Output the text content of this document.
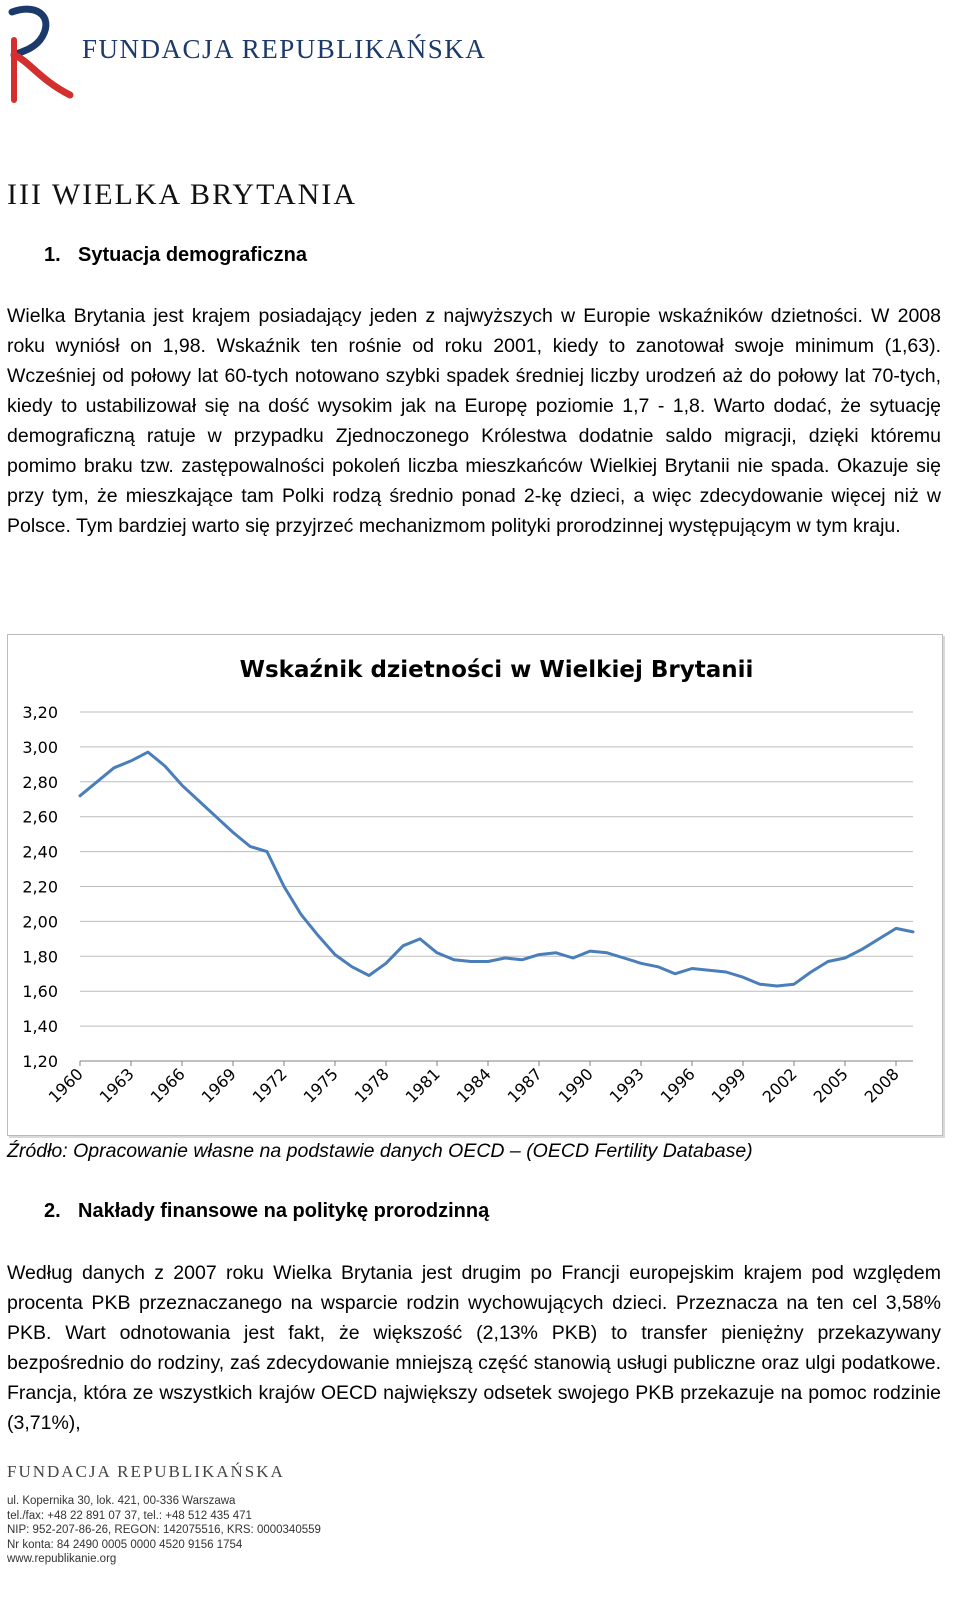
FUNDACJA REPUBLIKAŃSKA
III WIELKA BRYTANIA
1. Sytuacja demograficzna

Wielka Brytania jest krajem posiadający jeden z najwyższych w Europie wskaźników dzietności. W 2008 roku wyniósł on 1,98. Wskaźnik ten rośnie od roku 2001, kiedy to zanotował swoje minimum (1,63). Wcześniej od połowy lat 60-tych notowano szybki spadek średniej liczby urodzeń aż do połowy lat 70-tych, kiedy to ustabilizował się na dość wysokim jak na Europę poziomie 1,7 - 1,8. Warto dodać, że sytuację demograficzną ratuje w przypadku Zjednoczonego Królestwa dodatnie saldo migracji, dzięki któremu pomimo braku tzw. zastępowalności pokoleń liczba mieszkańców Wielkiej Brytanii nie spada. Okazuje się przy tym, że mieszkające tam Polki rodzą średnio ponad 2-kę dzieci, a więc zdecydowanie więcej niż w Polsce. Tym bardziej warto się przyjrzeć mechanizmom polityki prorodzinnej występującym w tym kraju.

Wskaźnik dzietności w Wielkiej Brytanii
1,20
1,40
1,60
1,80
2,00
2,20
2,40
2,60
2,80
3,00
3,20
1960 1963 1966 1969 1972 1975 1978 1981 1984 1987 1990 1993 1996 1999 2002 2005 2008
Źródło: Opracowanie własne na podstawie danych OECD – (OECD Fertility Database)
2. Nakłady finansowe na politykę prorodzinną

Według danych z 2007 roku Wielka Brytania jest drugim po Francji europejskim krajem pod względem procenta PKB przeznaczanego na wsparcie rodzin wychowujących dzieci. Przeznacza na ten cel 3,58% PKB. Wart odnotowania jest fakt, że większość (2,13% PKB) to transfer pieniężny przekazywany bezpośrednio do rodziny, zaś zdecydowanie mniejszą część stanowią usługi publiczne oraz ulgi podatkowe. Francja, która ze wszystkich krajów OECD największy odsetek swojego PKB przekazuje na pomoc rodzinie (3,71%),

FUNDACJA REPUBLIKAŃSKA
ul. Kopernika 30, lok. 421, 00-336 Warszawa
tel./fax: +48 22 891 07 37, tel.: +48 512 435 471
NIP: 952-207-86-26, REGON: 142075516, KRS: 0000340559
Nr konta: 84 2490 0005 0000 4520 9156 1754
www.republikanie.org
